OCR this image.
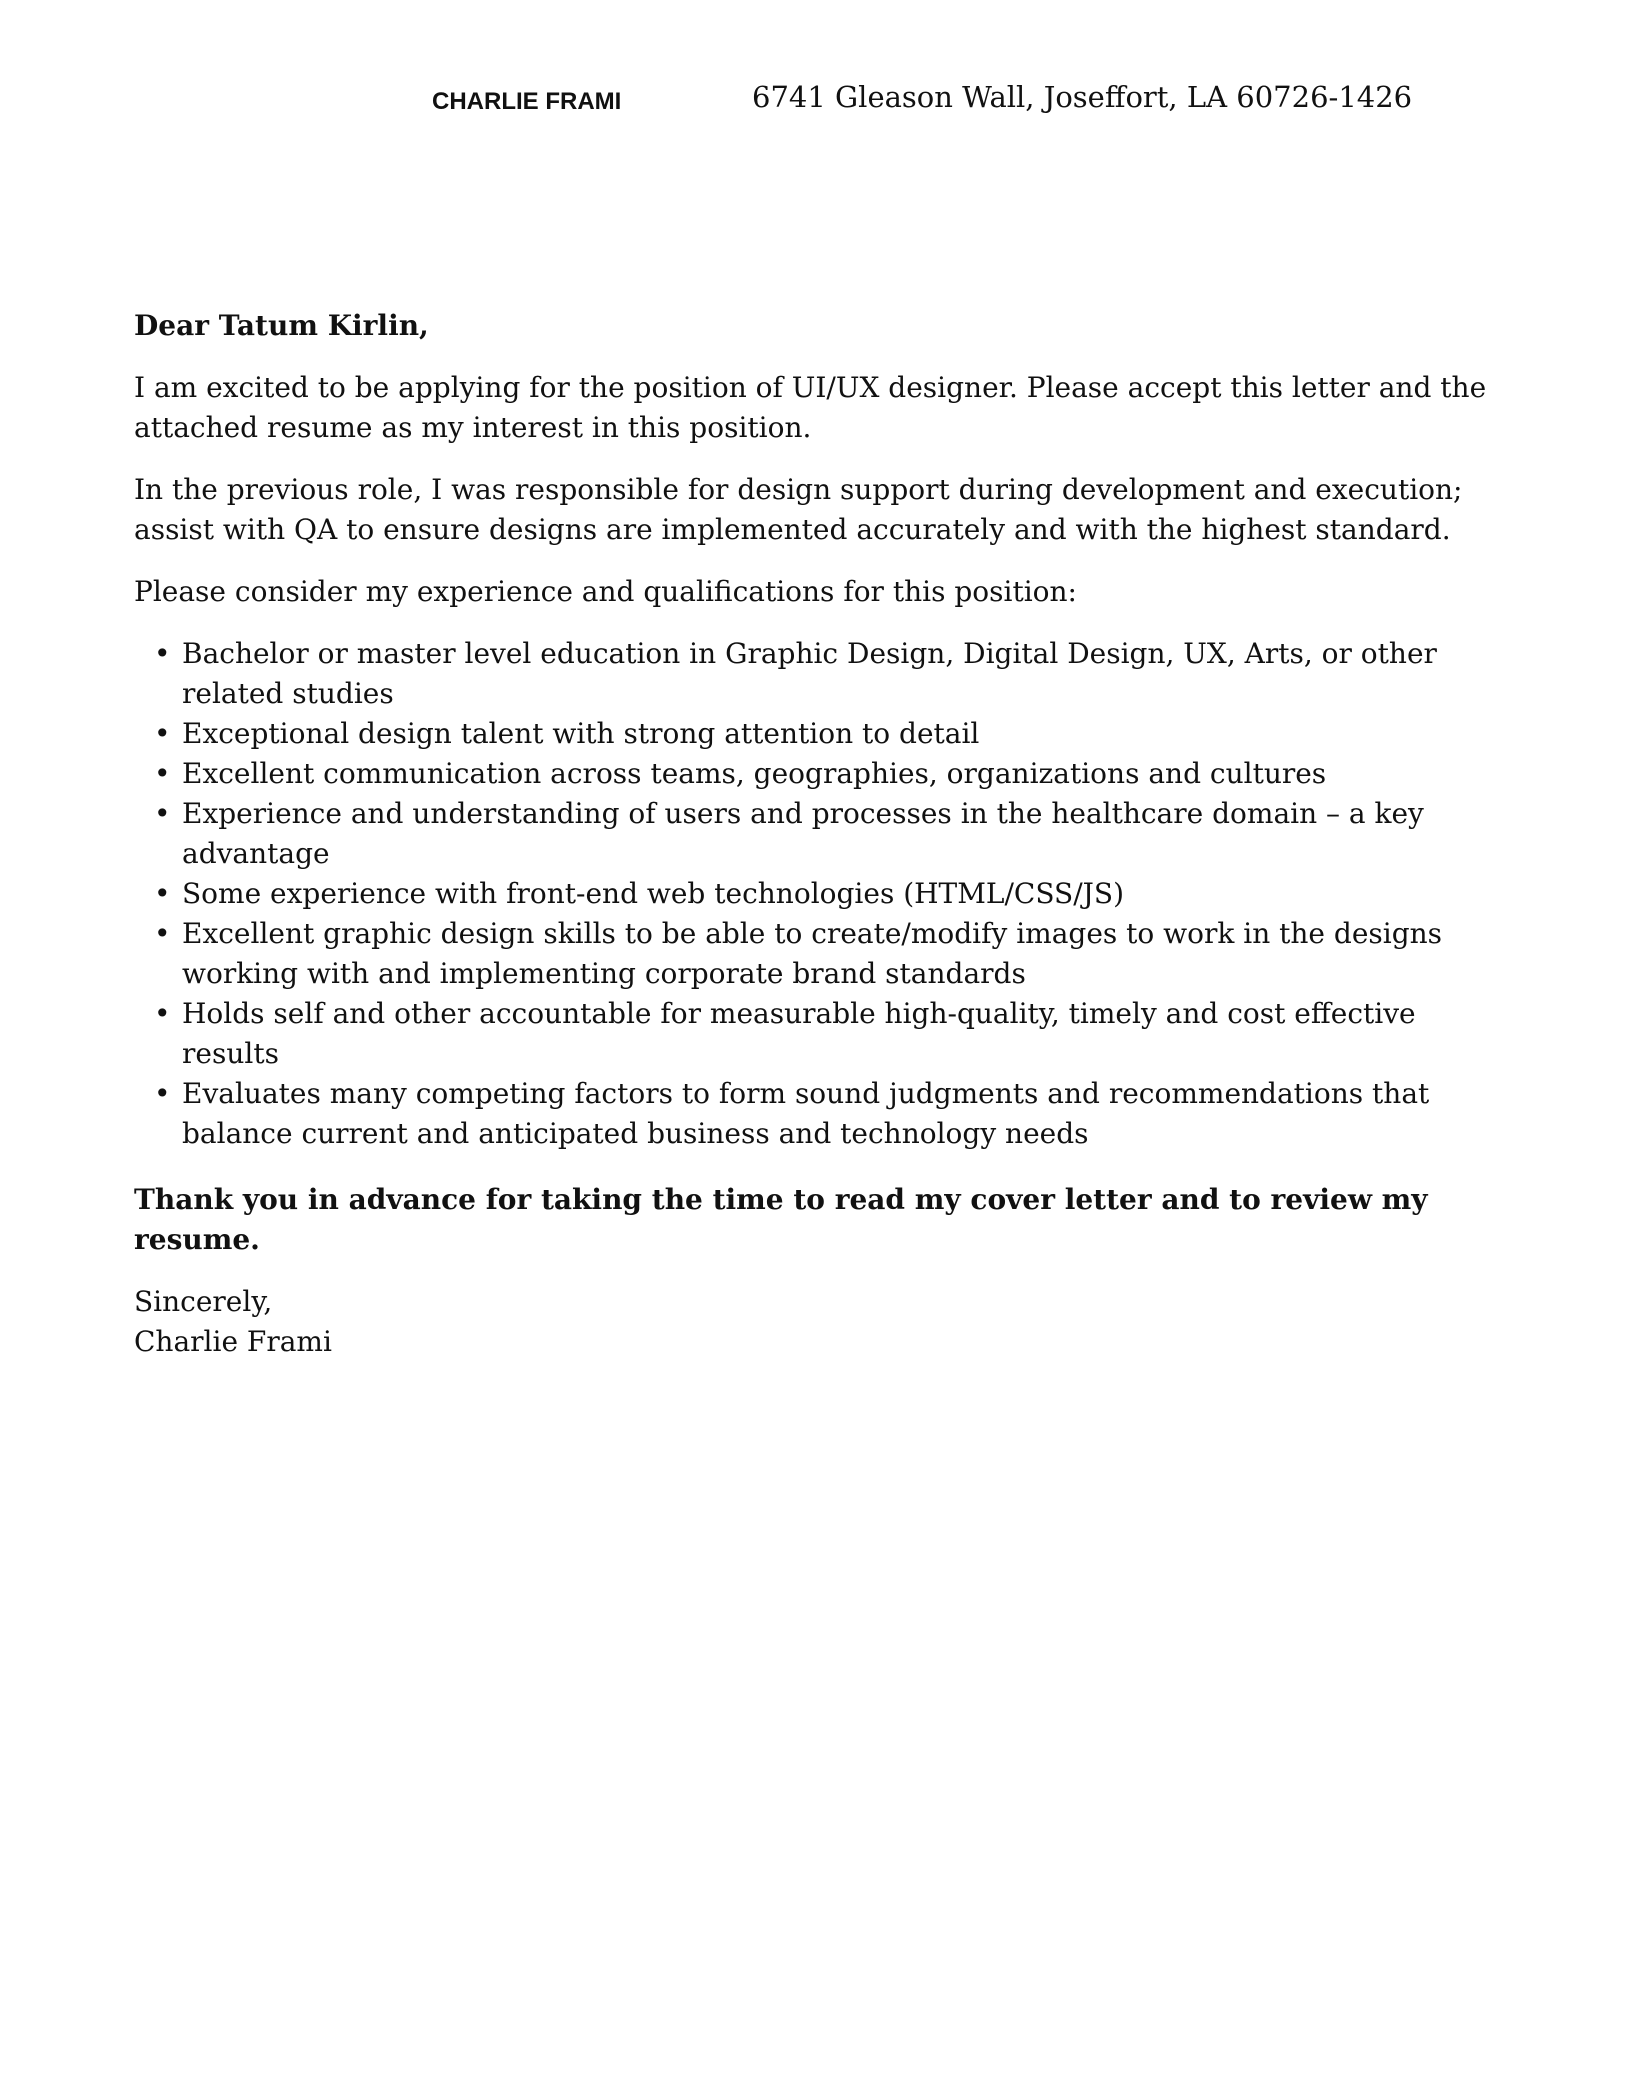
CHARLIE FRAMI	6741 Gleason Wall, Joseffort, LA 60726-1426

Dear Tatum Kirlin,

I am excited to be applying for the position of UI/UX designer. Please accept this letter and the attached resume as my interest in this position.

In the previous role, I was responsible for design support during development and execution; assist with QA to ensure designs are implemented accurately and with the highest standard.

Please consider my experience and qualifications for this position:

• Bachelor or master level education in Graphic Design, Digital Design, UX, Arts, or other related studies
• Exceptional design talent with strong attention to detail
• Excellent communication across teams, geographies, organizations and cultures
• Experience and understanding of users and processes in the healthcare domain – a key advantage
• Some experience with front-end web technologies (HTML/CSS/JS)
• Excellent graphic design skills to be able to create/modify images to work in the designs working with and implementing corporate brand standards
• Holds self and other accountable for measurable high-quality, timely and cost effective results
• Evaluates many competing factors to form sound judgments and recommendations that balance current and anticipated business and technology needs

Thank you in advance for taking the time to read my cover letter and to review my resume.

Sincerely,

Charlie Frami
